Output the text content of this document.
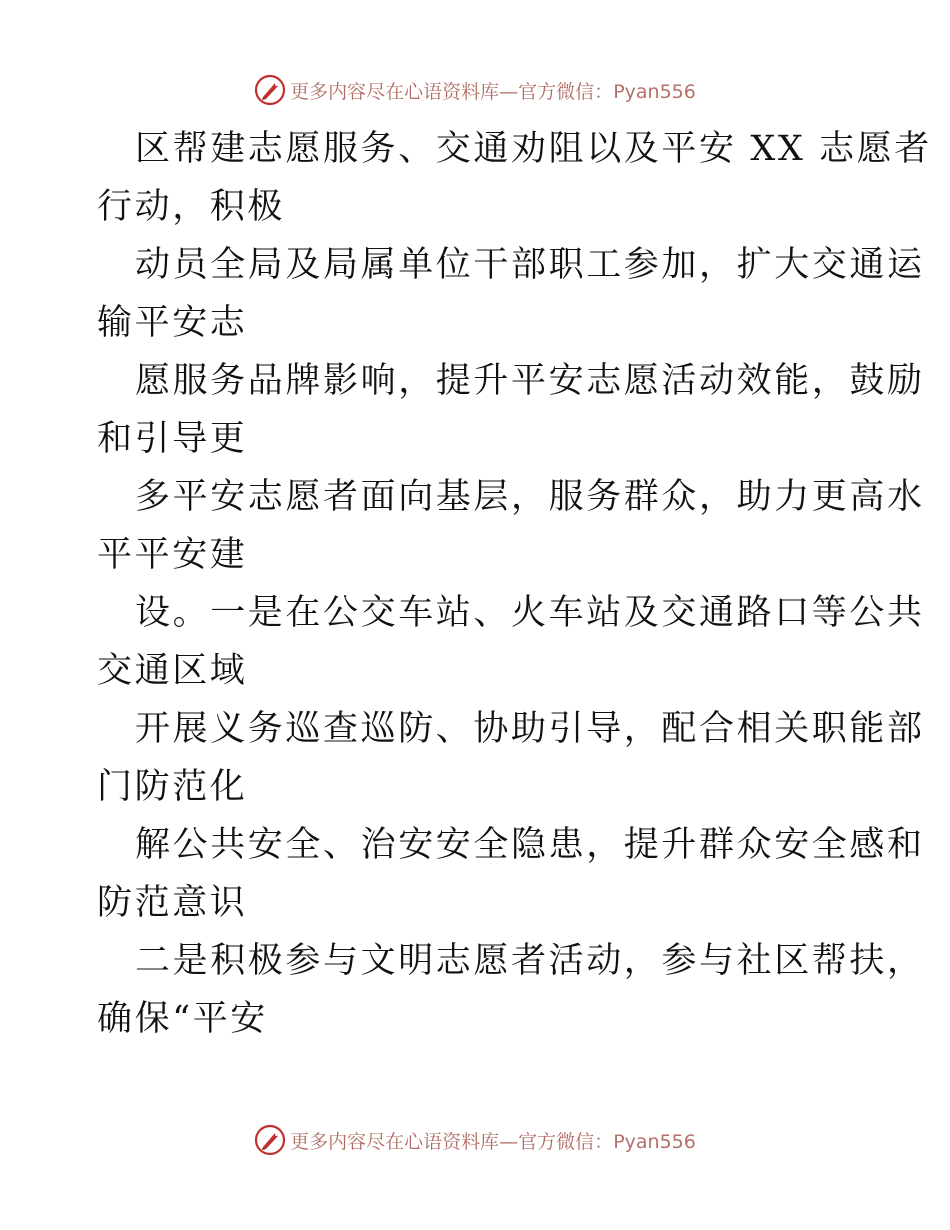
更多内容尽在心语资料库—官方微信：Pyan556

区帮建志愿服务、交通劝阻以及平安 XX 志愿者
行动，积极

动员全局及局属单位干部职工参加，扩大交通运
输平安志

愿服务品牌影响，提升平安志愿活动效能，鼓励
和引导更

多平安志愿者面向基层，服务群众，助力更高水
平平安建

设。一是在公交车站、火车站及交通路口等公共
交通区域

开展义务巡查巡防、协助引导，配合相关职能部
门防范化

解公共安全、治安安全隐患，提升群众安全感和
防范意识

二是积极参与文明志愿者活动，参与社区帮扶，
确保“平安

更多内容尽在心语资料库—官方微信：Pyan556
